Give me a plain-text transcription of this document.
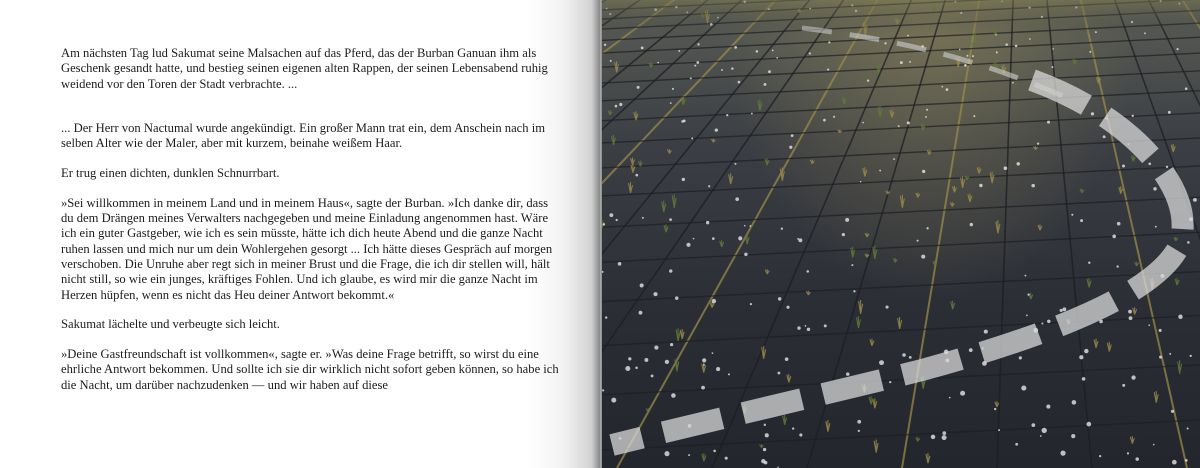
Am nächsten Tag lud Sakumat seine Malsachen auf das Pferd, das der Burban Ganuan ihm als Geschenk gesandt hatte, und bestieg seinen eigenen alten Rappen, der seinen Lebensabend ruhig weidend vor den Toren der Stadt verbrachte. ...

... Der Herr von Nactumal wurde angekündigt. Ein großer Mann trat ein, dem Anschein nach im selben Alter wie der Maler, aber mit kurzem, beinahe weißem Haar.

Er trug einen dichten, dunklen Schnurrbart.

»Sei willkommen in meinem Land und in meinem Haus«, sagte der Burban. »Ich danke dir, dass du dem Drängen meines Verwalters nachgegeben und meine Einladung angenommen hast. Wäre ich ein guter Gastgeber, wie ich es sein müsste, hätte ich dich heute Abend und die ganze Nacht ruhen lassen und mich nur um dein Wohlergehen gesorgt ... Ich hätte dieses Gespräch auf morgen verschoben. Die Unruhe aber regt sich in meiner Brust und die Frage, die ich dir stellen will, hält nicht still, so wie ein junges, kräftiges Fohlen. Und ich glaube, es wird mir die ganze Nacht im Herzen hüpfen, wenn es nicht das Heu deiner Antwort bekommt.«

Sakumat lächelte und verbeugte sich leicht.

»Deine Gastfreundschaft ist vollkommen«, sagte er. »Was deine Frage betrifft, so wirst du eine ehrliche Antwort bekommen. Und sollte ich sie dir wirklich nicht sofort geben können, so habe ich die Nacht, um darüber nachzudenken — und wir haben auf diese
